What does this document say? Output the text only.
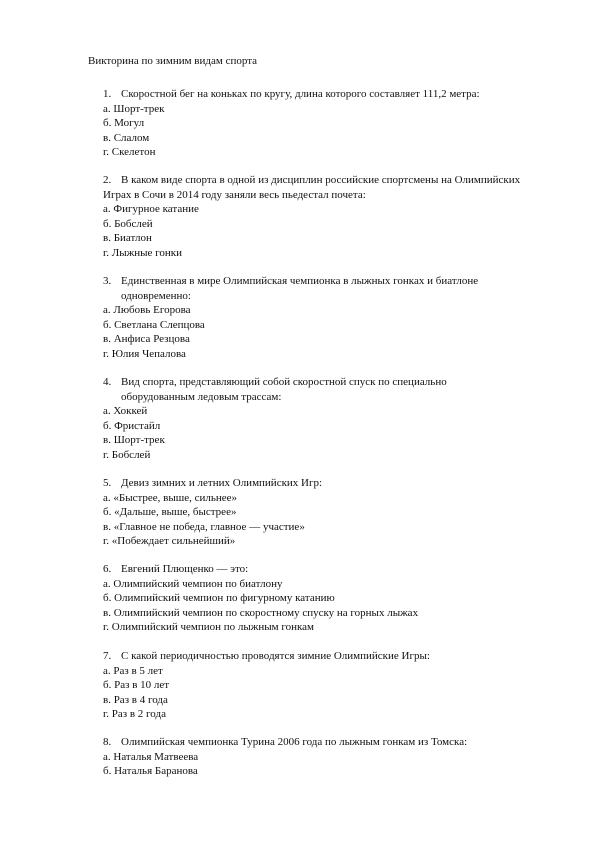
Викторина по зимним видам спорта
1. Скоростной бег на коньках по кругу, длина которого составляет 111,2 метра:
а. Шорт-трек
б. Могул
в. Слалом
г. Скелетон
2. В каком виде спорта в одной из дисциплин российские спортсмены на Олимпийских
Играх в Сочи в 2014 году заняли весь пьедестал почета:
а. Фигурное катание
б. Бобслей
в. Биатлон
г. Лыжные гонки
3. Единственная в мире Олимпийская чемпионка в лыжных гонках и биатлоне
одновременно:
а. Любовь Егорова
б. Светлана Слепцова
в. Анфиса Резцова
г. Юлия Чепалова
4. Вид спорта, представляющий собой скоростной спуск по специально
оборудованным ледовым трассам:
а. Хоккей
б. Фристайл
в. Шорт-трек
г. Бобслей
5. Девиз зимних и летних Олимпийских Игр:
а. «Быстрее, выше, сильнее»
б. «Дальше, выше, быстрее»
в. «Главное не победа, главное — участие»
г. «Побеждает сильнейший»
6. Евгений Плющенко — это:
а. Олимпийский чемпион по биатлону
б. Олимпийский чемпион по фигурному катанию
в. Олимпийский чемпион по скоростному спуску на горных лыжах
г. Олимпийский чемпион по лыжным гонкам
7. С какой периодичностью проводятся зимние Олимпийские Игры:
а. Раз в 5 лет
б. Раз в 10 лет
в. Раз в 4 года
г. Раз в 2 года
8. Олимпийская чемпионка Турина 2006 года по лыжным гонкам из Томска:
а. Наталья Матвеева
б. Наталья Баранова
